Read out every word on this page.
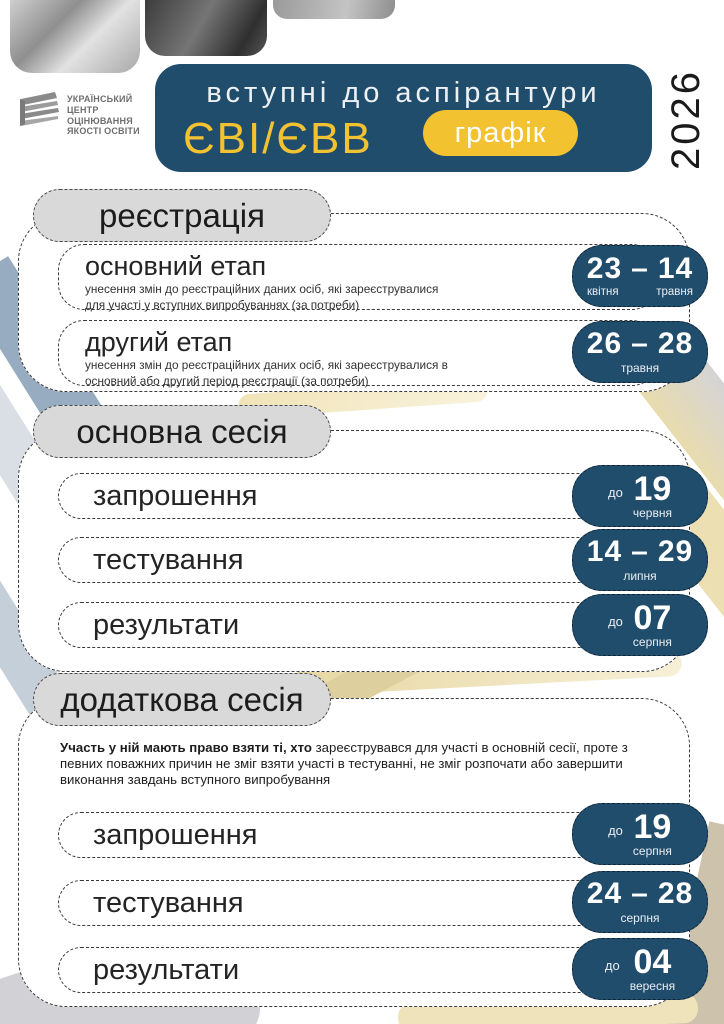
УКРАЇНСЬКИЙ
ЦЕНТР
ОЦІНЮВАННЯ
ЯКОСТІ ОСВІТИ
вступні до аспірантури
ЄВІ/ЄВВ	графік	2026
реєстрація
основний етап
унесення змін до реєстраційних даних осіб, які зареєструвалися
для участі у вступних випробуваннях (за потреби)
23 – 14
квітня	травня
другий етап
унесення змін до реєстраційних даних осіб, які зареєструвалися в
основний або другий період реєстрації (за потреби)
26 – 28
травня
основна сесія
запрошення	до 19
червня
тестування	14 – 29
липня
результати	до 07
серпня
додаткова сесія
Участь у ній мають право взяти ті, хто зареєструвався для участі в основній сесії, проте з певних поважних причин не зміг взяти участі в тестуванні, не зміг розпочати або завершити виконання завдань вступного випробування
запрошення	до 19
серпня
тестування	24 – 28
серпня
результати	до 04
вересня
